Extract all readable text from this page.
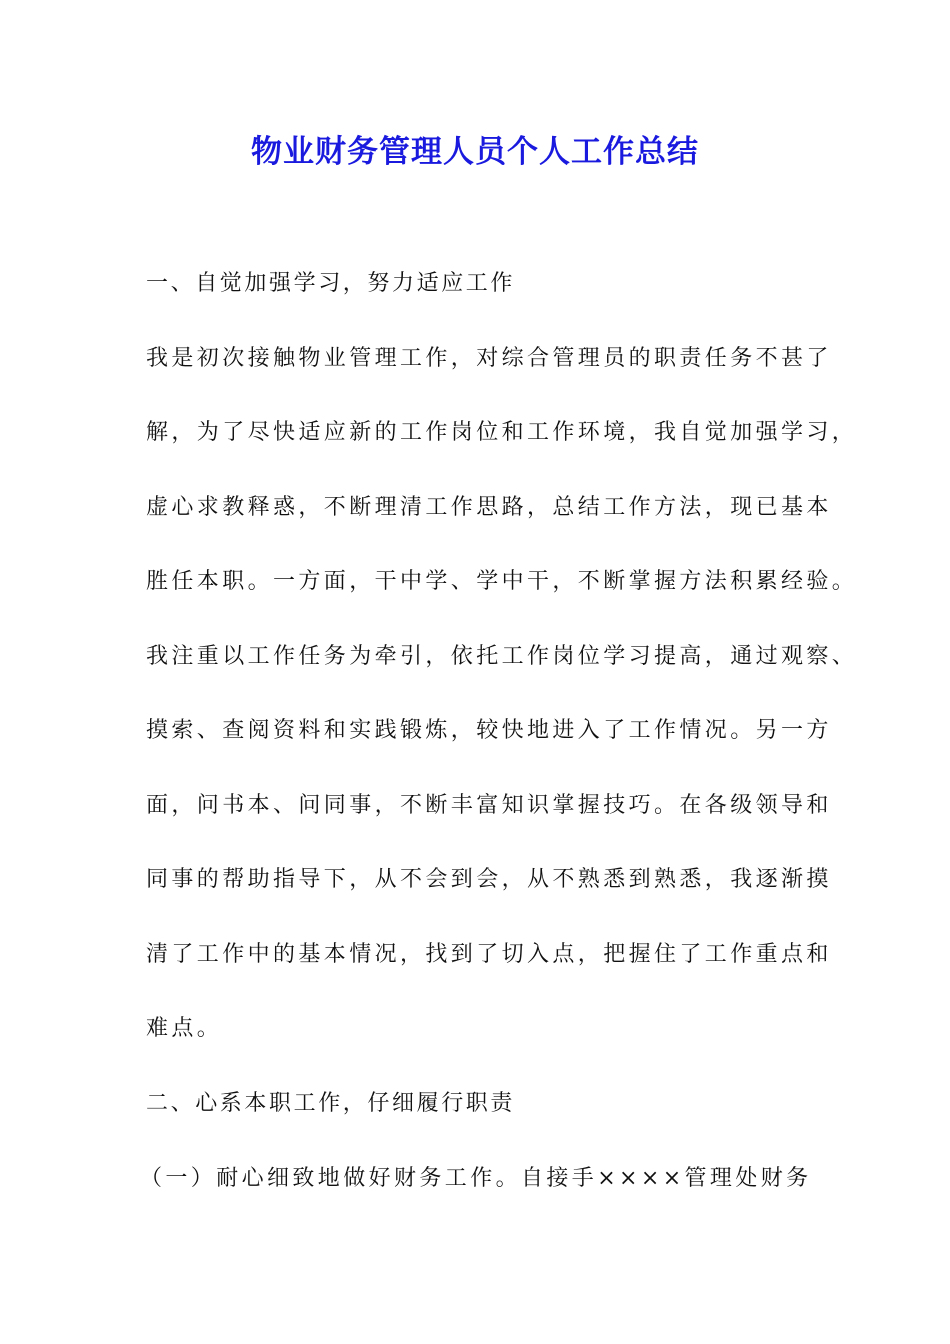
物业财务管理人员个人工作总结
一、自觉加强学习，努力适应工作
我是初次接触物业管理工作，对综合管理员的职责任务不甚了
解，为了尽快适应新的工作岗位和工作环境，我自觉加强学习，
虚心求教释惑，不断理清工作思路，总结工作方法，现已基本
胜任本职。一方面，干中学、学中干，不断掌握方法积累经验。
我注重以工作任务为牵引，依托工作岗位学习提高，通过观察、
摸索、查阅资料和实践锻炼，较快地进入了工作情况。另一方
面，问书本、问同事，不断丰富知识掌握技巧。在各级领导和
同事的帮助指导下，从不会到会，从不熟悉到熟悉，我逐渐摸
清了工作中的基本情况，找到了切入点，把握住了工作重点和
难点。
二、心系本职工作，仔细履行职责
（一）耐心细致地做好财务工作。自接手××××管理处财务
